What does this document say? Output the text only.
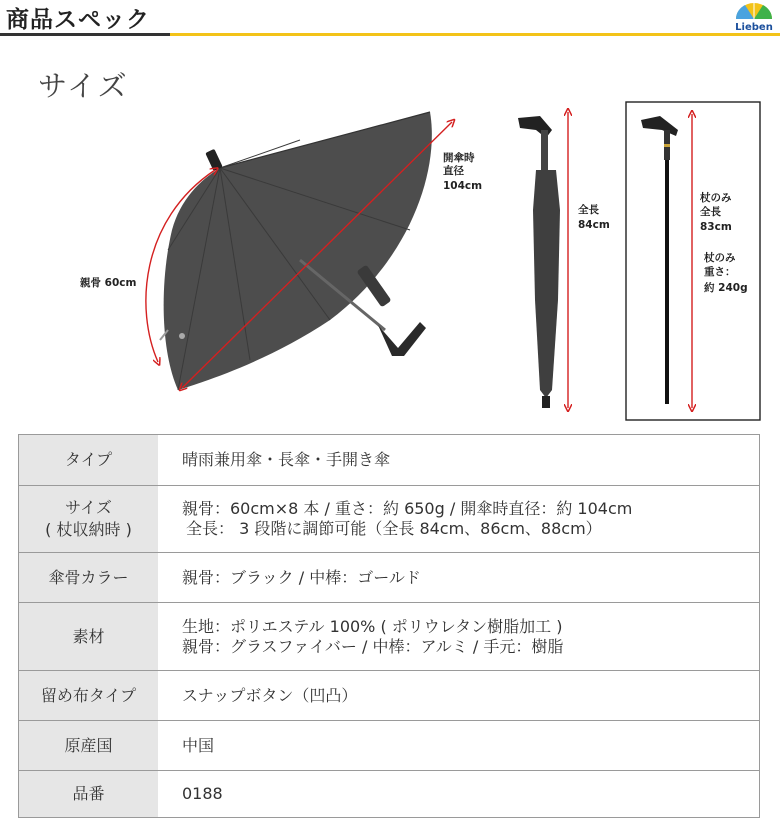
商品スペック	Lieben
サイズ
親骨 60cm
開傘時
直径
104cm
全長
84cm
杖のみ
全長
83cm
杖のみ
重さ：
約 240g
タイプ	晴雨兼用傘・長傘・手開き傘

サイズ
( 杖収納時 )	親骨：60cm×8 本 / 重さ：約 650g / 開傘時直径：約 104cm
全長： 3 段階に調節可能（全長 84cm、86cm、88cm）

傘骨カラー	親骨：ブラック / 中棒：ゴールド

素材	生地：ポリエステル 100% ( ポリウレタン樹脂加工 )
親骨：グラスファイバー / 中棒：アルミ / 手元：樹脂

留め布タイプ	スナップボタン（凹凸）

原産国	中国

品番	0188
